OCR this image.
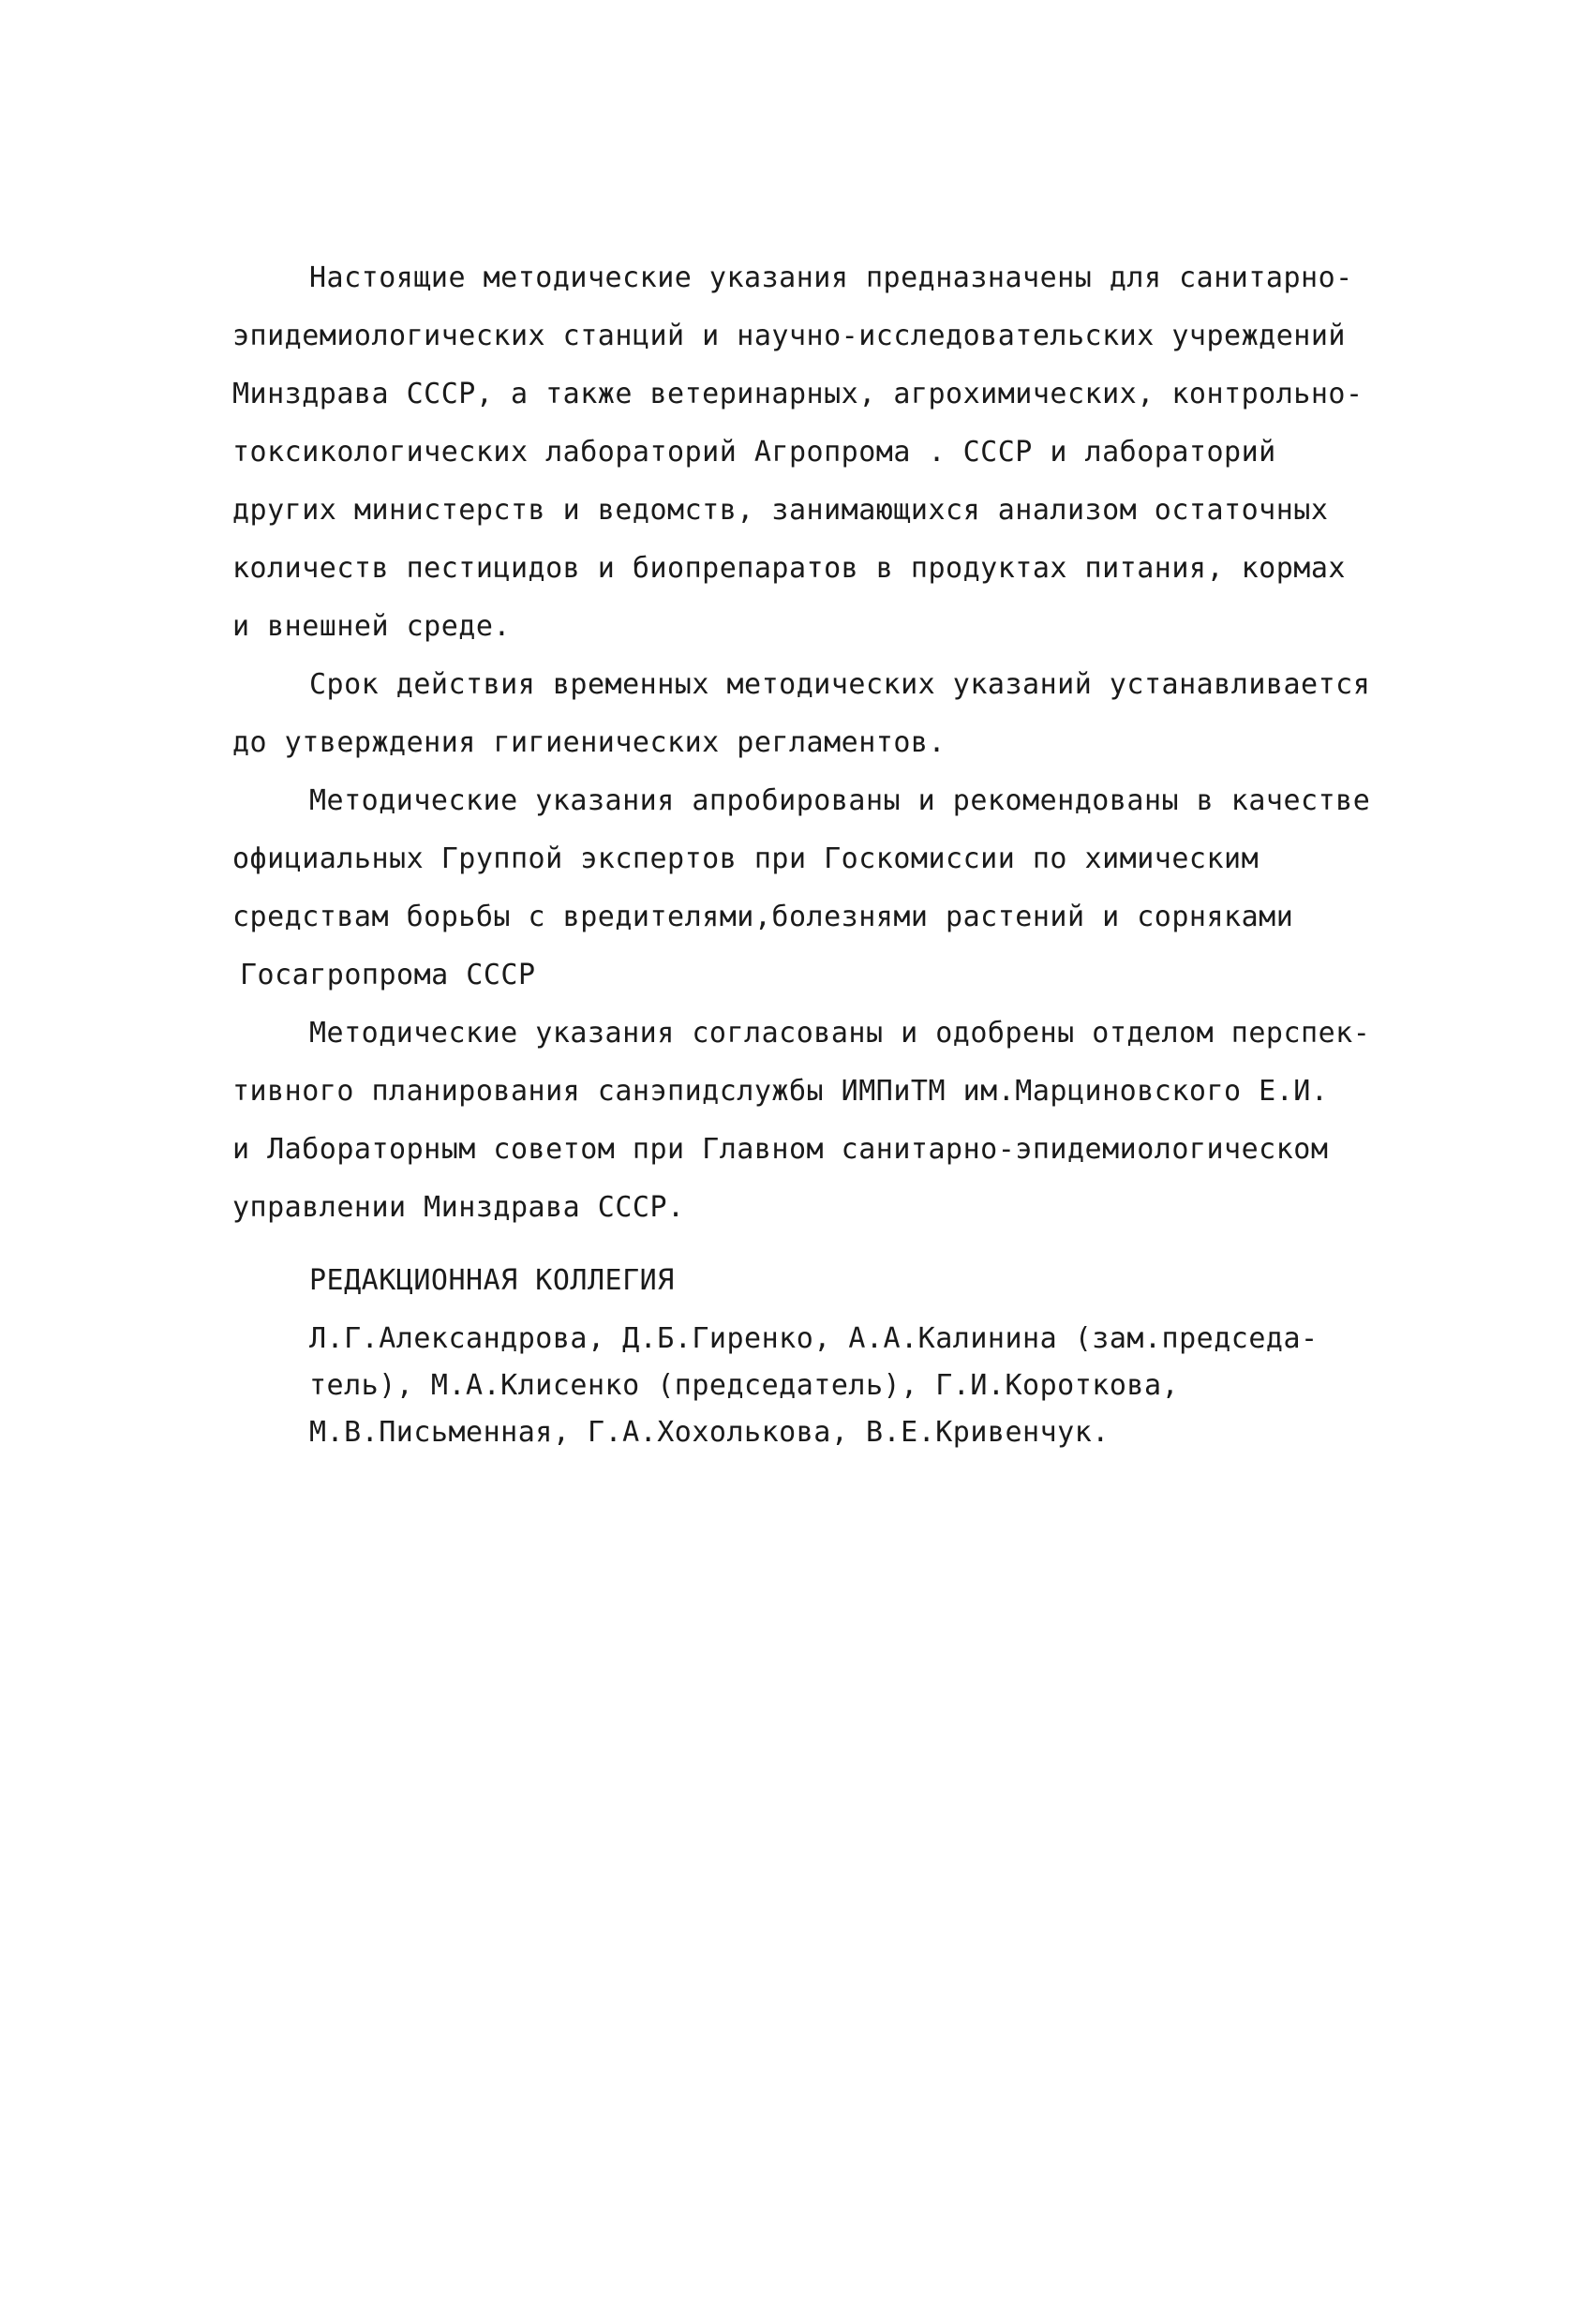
Настоящие методические указания предназначены для санитарно-
эпидемиологических станций и научно-исследовательских учреждений
Минздрава СССР, а также ветеринарных, агрохимических, контрольно-
токсикологических лабораторий Агропрома . СССР и лабораторий
других министерств и ведомств, занимающихся анализом остаточных
количеств пестицидов и биопрепаратов в продуктах питания, кормах
и внешней среде.
Срок действия временных методических указаний устанавливается
до утверждения гигиенических регламентов.
Методические указания апробированы и рекомендованы в качестве
официальных Группой экспертов при Госкомиссии по химическим
средствам борьбы с вредителями,болезнями растений и сорняками
Госагропрома СССР
Методические указания согласованы и одобрены отделом перспек-
тивного планирования санэпидслужбы ИМПиТМ им.Марциновского Е.И.
и Лабораторным советом при Главном санитарно-эпидемиологическом
управлении Минздрава СССР.
РЕДАКЦИОННАЯ КОЛЛЕГИЯ
Л.Г.Александрова, Д.Б.Гиренко, А.А.Калинина (зам.председа-
тель), М.А.Клисенко (председатель), Г.И.Короткова,
М.В.Письменная, Г.А.Хохолькова, В.Е.Кривенчук.
